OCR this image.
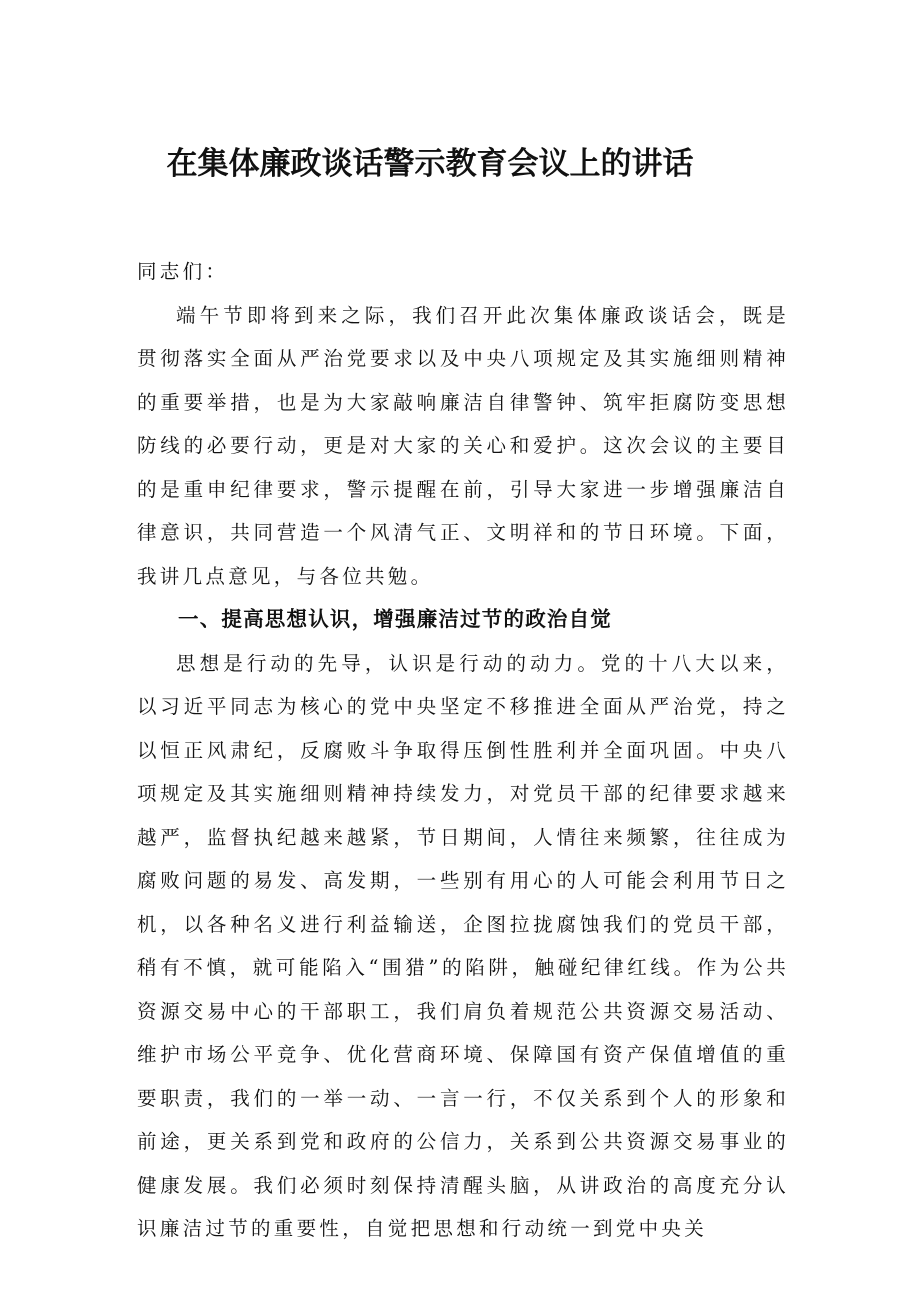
在集体廉政谈话警示教育会议上的讲话

同志们：

端午节即将到来之际，我们召开此次集体廉政谈话会，既是贯彻落实全面从严治党要求以及中央八项规定及其实施细则精神的重要举措，也是为大家敲响廉洁自律警钟、筑牢拒腐防变思想防线的必要行动，更是对大家的关心和爱护。这次会议的主要目的是重申纪律要求，警示提醒在前，引导大家进一步增强廉洁自律意识，共同营造一个风清气正、文明祥和的节日环境。下面，我讲几点意见，与各位共勉。

一、提高思想认识，增强廉洁过节的政治自觉

思想是行动的先导，认识是行动的动力。党的十八大以来，以习近平同志为核心的党中央坚定不移推进全面从严治党，持之以恒正风肃纪，反腐败斗争取得压倒性胜利并全面巩固。中央八项规定及其实施细则精神持续发力，对党员干部的纪律要求越来越严，监督执纪越来越紧，节日期间，人情往来频繁，往往成为腐败问题的易发、高发期，一些别有用心的人可能会利用节日之机，以各种名义进行利益输送，企图拉拢腐蚀我们的党员干部，稍有不慎，就可能陷入“围猎”的陷阱，触碰纪律红线。作为公共资源交易中心的干部职工，我们肩负着规范公共资源交易活动、维护市场公平竞争、优化营商环境、保障国有资产保值增值的重要职责，我们的一举一动、一言一行，不仅关系到个人的形象和前途，更关系到党和政府的公信力，关系到公共资源交易事业的健康发展。我们必须时刻保持清醒头脑，从讲政治的高度充分认识廉洁过节的重要性，自觉把思想和行动统一到党中央关
